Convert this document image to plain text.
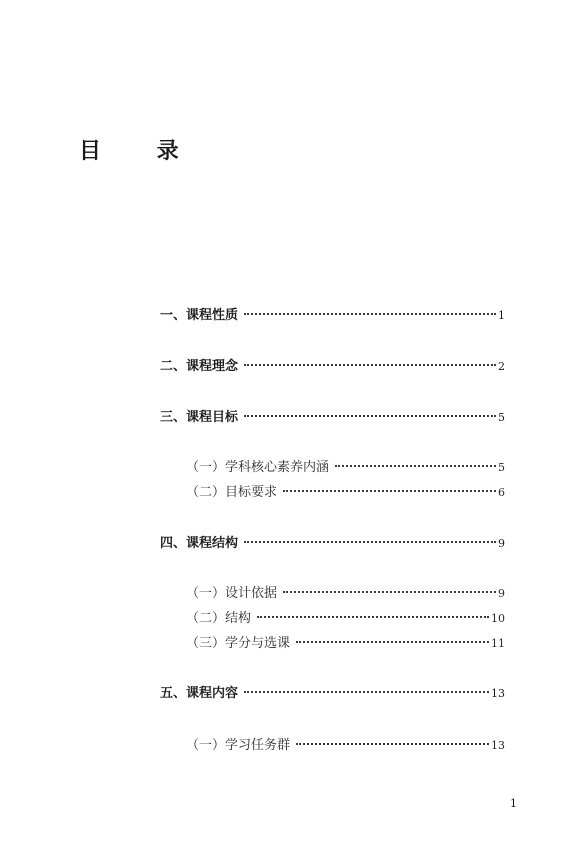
目 录
一、课程性质	1
二、课程理念	2
三、课程目标	5
（一）学科核心素养内涵	5
（二）目标要求	6
四、课程结构	9
（一）设计依据	9
（二）结构	10
（三）学分与选课	11
五、课程内容	13
（一）学习任务群	13
1
